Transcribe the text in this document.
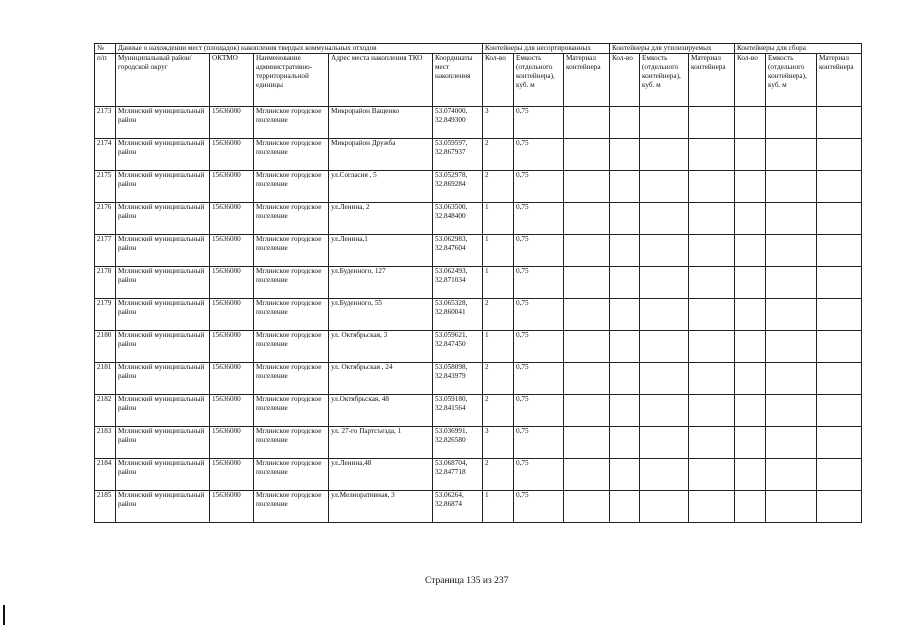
№	Данные о нахождении мест (площадок) накопления твердых коммунальных отходов					Контейнеры для несортированных			Контейнеры для утилизируемых			Контейнеры для сбора		
п/п	Муниципальный район/городской округ	ОКТМО	Наименование административно-территориальной единицы	Адрес места накопления ТКО	Координаты мест накопления	Кол-во	Емкость (отдельного контейнера), куб. м	Материал контейнера	Кол-во	Емкость (отдельного контейнера), куб. м	Материал контейнера	Кол-во	Емкость (отдельного контейнера), куб. м	Материал контейнера
2173	Мглинский муниципальный район	15636000	Мглинское городское поселение	Микрорайон Ващенко	53.074000, 32.849300	3	0,75							
2174	Мглинский муниципальный район	15636000	Мглинское городское поселение	Микрорайон Дружба	53.059597, 32.867937	2	0,75							
2175	Мглинский муниципальный район	15636000	Мглинское городское поселение	ул.Согласия , 5	53.052978, 32.869284	2	0,75							
2176	Мглинский муниципальный район	15636000	Мглинское городское поселение	ул.Ленина, 2	53.063500, 32.848400	1	0,75							
2177	Мглинский муниципальный район	15636000	Мглинское городское поселение	ул.Ленина,1	53.062983, 32.847604	1	0,75							
2178	Мглинский муниципальный район	15636000	Мглинское городское поселение	ул.Буденного, 127	53.062493, 32.871034	1	0,75							
2179	Мглинский муниципальный район	15636000	Мглинское городское поселение	ул.Буденного, 55	53.065328, 32.860041	2	0,75							
2180	Мглинский муниципальный район	15636000	Мглинское городское поселение	ул. Октябрьская, 3	53.059621, 32.847450	1	0,75							
2181	Мглинский муниципальный район	15636000	Мглинское городское поселение	ул. Октябрьская , 24	53.058098, 32.843979	2	0,75							
2182	Мглинский муниципальный район	15636000	Мглинское городское поселение	ул.Октябрьская, 48	53.059180, 32.841564	2	0,75							
2183	Мглинский муниципальный район	15636000	Мглинское городское поселение	ул. 27-го Партсъезда, 1	53.036991, 32.826580	3	0,75							
2184	Мглинский муниципальный район	15636000	Мглинское городское поселение	ул.Ленина,48	53.068704, 32.847718	2	0,75							
2185	Мглинский муниципальный район	15636000	Мглинское городское поселение	ул.Мелиоративная, 3	53.06264, 32.86874	1	0,75							
Страница 135 из 237
